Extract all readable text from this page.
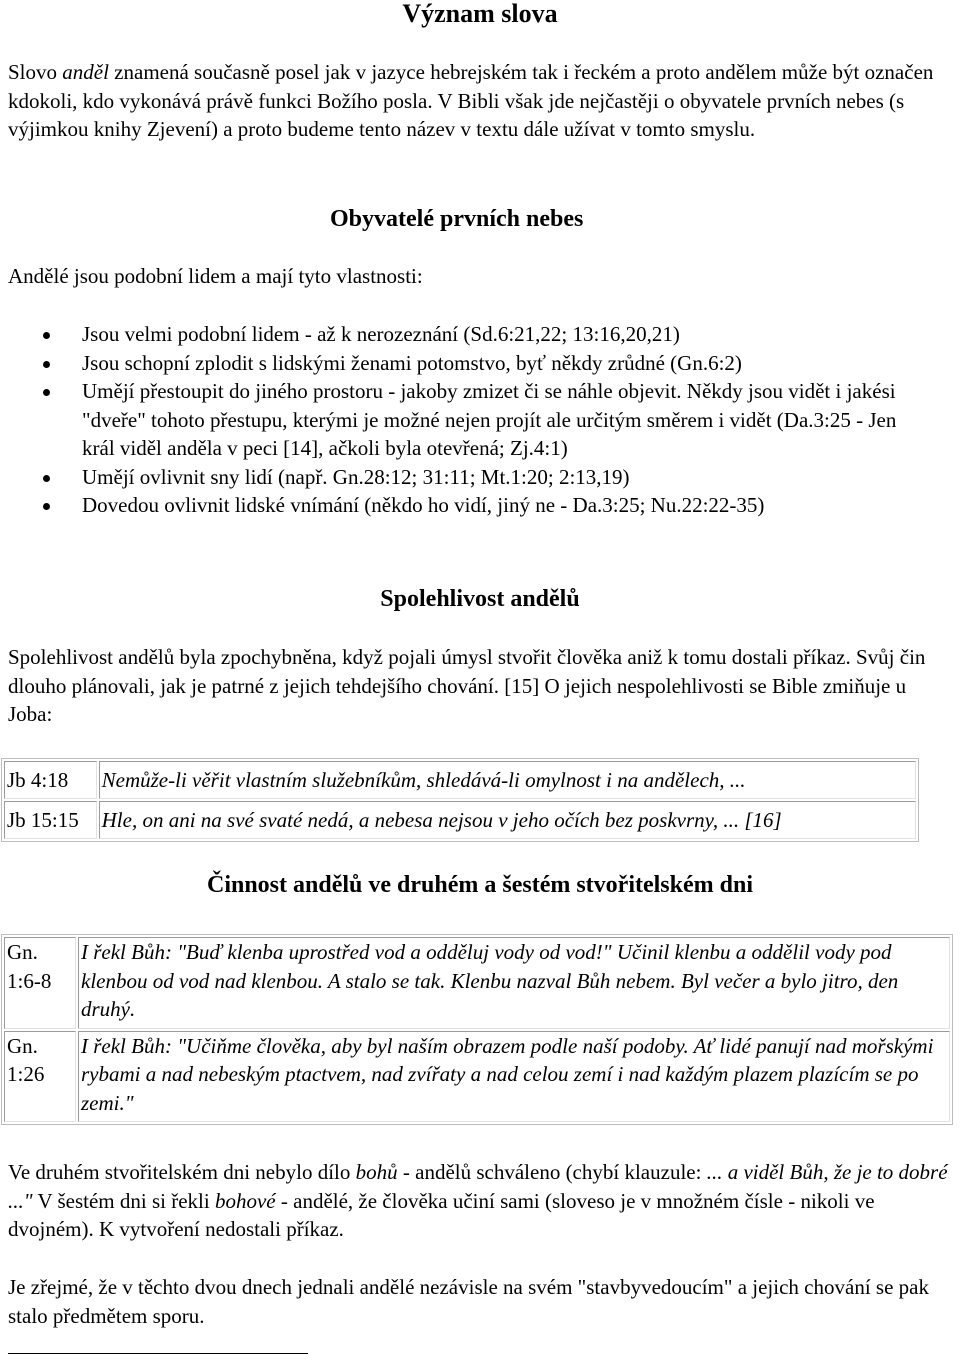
Význam slova

Slovo anděl znamená současně posel jak v jazyce hebrejském tak i řeckém a proto andělem může být označen kdokoli, kdo vykonává právě funkci Božího posla. V Bibli však jde nejčastěji o obyvatele prvních nebes (s výjimkou knihy Zjevení) a proto budeme tento název v textu dále užívat v tomto smyslu.

Obyvatelé prvních nebes

Andělé jsou podobní lidem a mají tyto vlastnosti:

Jsou velmi podobní lidem - až k nerozeznání (Sd.6:21,22; 13:16,20,21)
Jsou schopní zplodit s lidskými ženami potomstvo, byť někdy zrůdné (Gn.6:2)
Umějí přestoupit do jiného prostoru - jakoby zmizet či se náhle objevit. Někdy jsou vidět i jakési "dveře" tohoto přestupu, kterými je možné nejen projít ale určitým směrem i vidět (Da.3:25 - Jen král viděl anděla v peci [14], ačkoli byla otevřená; Zj.4:1)
Umějí ovlivnit sny lidí (např. Gn.28:12; 31:11; Mt.1:20; 2:13,19)
Dovedou ovlivnit lidské vnímání (někdo ho vidí, jiný ne - Da.3:25; Nu.22:22-35)
Spolehlivost andělů

Spolehlivost andělů byla zpochybněna, když pojali úmysl stvořit člověka aniž k tomu dostali příkaz. Svůj čin dlouho plánovali, jak je patrné z jejich tehdejšího chování. [15] O jejich nespolehlivosti se Bible zmiňuje u Joba:

Jb 4:18	Nemůže-li věřit vlastním služebníkům, shledává-li omylnost i na andělech, ...
Jb 15:15	Hle, on ani na své svaté nedá, a nebesa nejsou v jeho očích bez poskvrny, ... [16]
Činnost andělů ve druhém a šestém stvořitelském dni
Gn. 1:6-8	I řekl Bůh: "Buď klenba uprostřed vod a odděluj vody od vod!" Učinil klenbu a oddělil vody pod klenbou od vod nad klenbou. A stalo se tak. Klenbu nazval Bůh nebem. Byl večer a bylo jitro, den druhý.
Gn. 1:26	I řekl Bůh: "Učiňme člověka, aby byl naším obrazem podle naší podoby. Ať lidé panují nad mořskými rybami a nad nebeským ptactvem, nad zvířaty a nad celou zemí i nad každým plazem plazícím se po zemi."

Ve druhém stvořitelském dni nebylo dílo bohů - andělů schváleno (chybí klauzule: ... a viděl Bůh, že je to dobré ..." V šestém dni si řekli bohové - andělé, že člověka učiní sami (sloveso je v množném čísle - nikoli ve dvojném). K vytvoření nedostali příkaz.

Je zřejmé, že v těchto dvou dnech jednali andělé nezávisle na svém "stavbyvedoucím" a jejich chování se pak stalo předmětem sporu.
